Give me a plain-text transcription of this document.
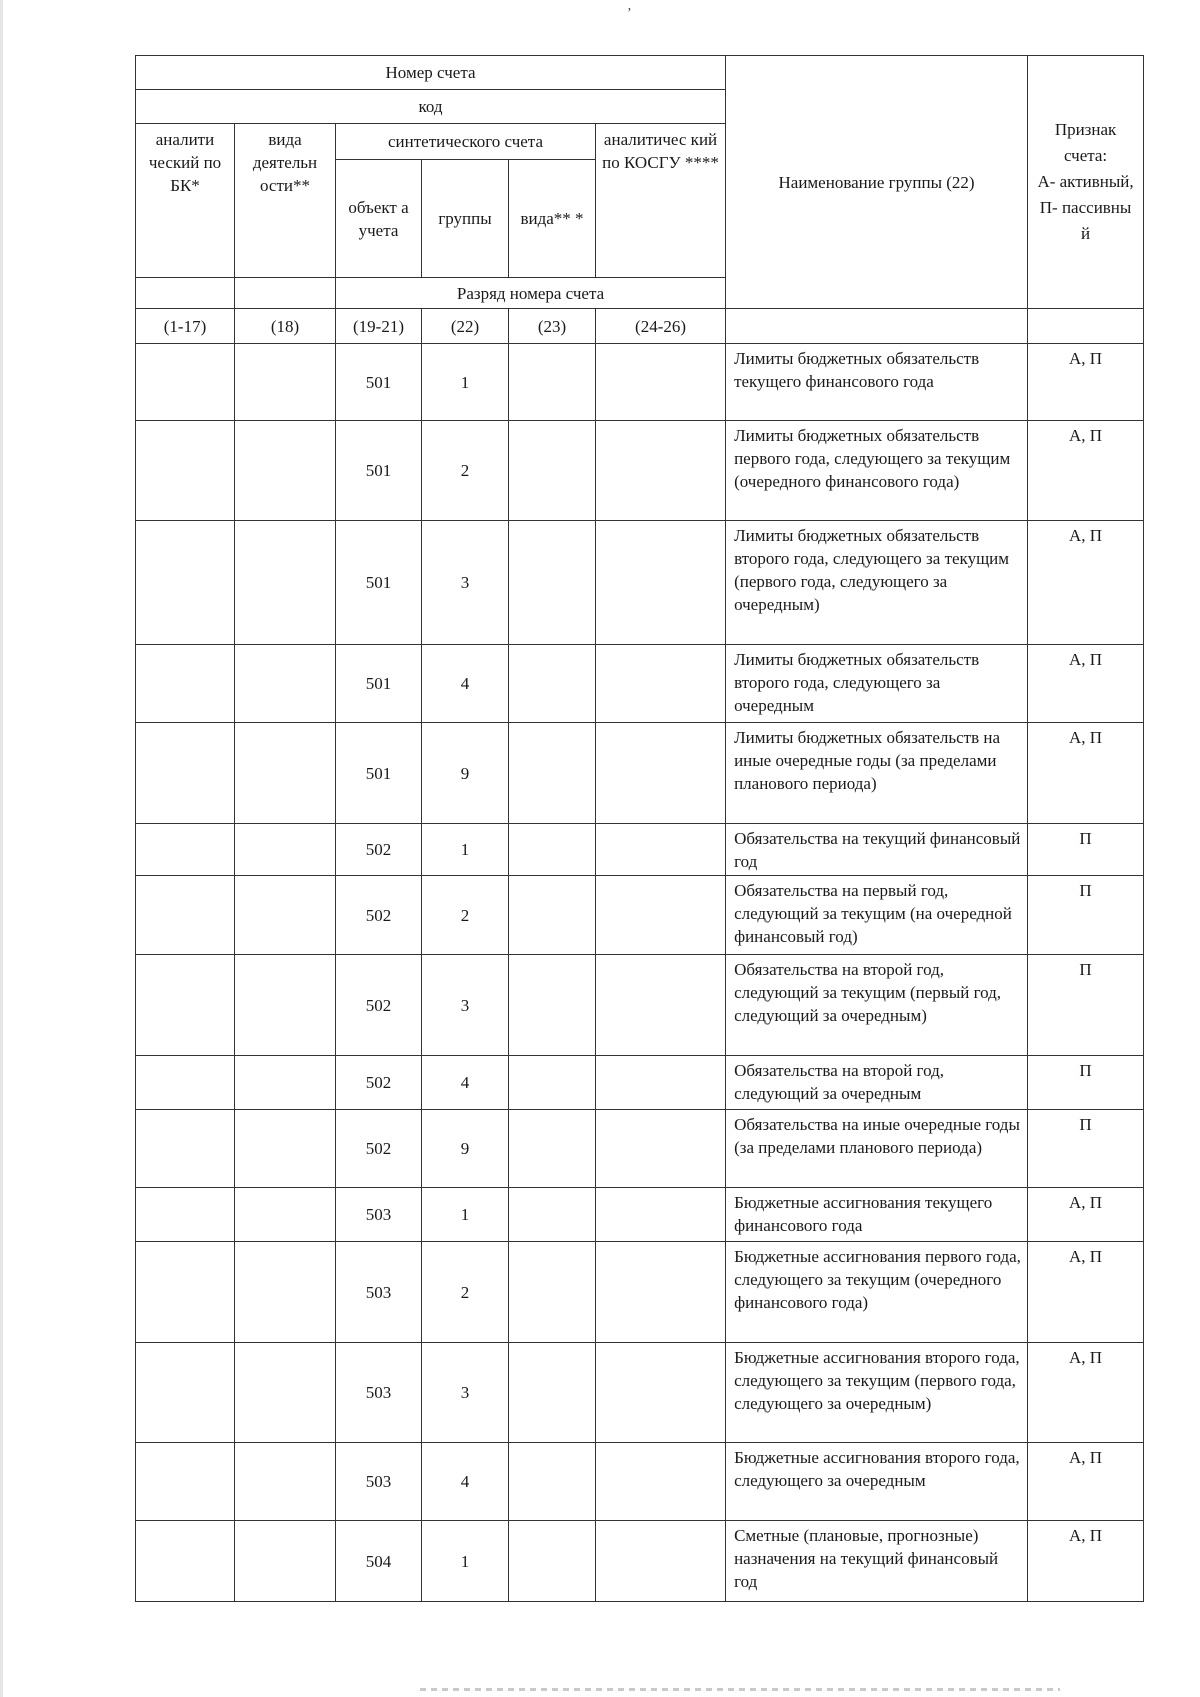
’
Номер счета						Наименование группы (22)	Признак счета:
А- активный, П- пассивны й

код							
аналити ческий по БК*	вида деятельн ости**	синтетического счета			аналитичес кий по КОСГУ ****		
		объект а учета	группы	вида** *			
		Разряд номера счета					
(1-17)	(18)	(19-21)	(22)	(23)	(24-26)		
		501	1			Лимиты бюджетных обязательств текущего финансового года	А, П
		501	2			Лимиты бюджетных обязательств первого года, следующего за текущим (очередного финансового года)	А, П
		501	3			Лимиты бюджетных обязательств второго года, следующего за текущим (первого года, следующего за очередным)	А, П
		501	4			Лимиты бюджетных обязательств второго года, следующего за очередным	А, П
		501	9			Лимиты бюджетных обязательств на иные очередные годы (за пределами планового периода)	А, П
		502	1			Обязательства на текущий финансовый год	П
		502	2			Обязательства на первый год, следующий за текущим (на очередной финансовый год)	П
		502	3			Обязательства на второй год, следующий за текущим (первый год, следующий за очередным)	П
		502	4			Обязательства на второй год, следующий за очередным	П
		502	9			Обязательства на иные очередные годы (за пределами планового периода)	П
		503	1			Бюджетные ассигнования текущего финансового года	А, П
		503	2			Бюджетные ассигнования первого года, следующего за текущим (очередного финансового года)	А, П
		503	3			Бюджетные ассигнования второго года, следующего за текущим (первого года, следующего за очередным)	А, П
		503	4			Бюджетные ассигнования второго года, следующего за очередным	А, П
		504	1			Сметные (плановые, прогнозные) назначения на текущий финансовый год	А, П
